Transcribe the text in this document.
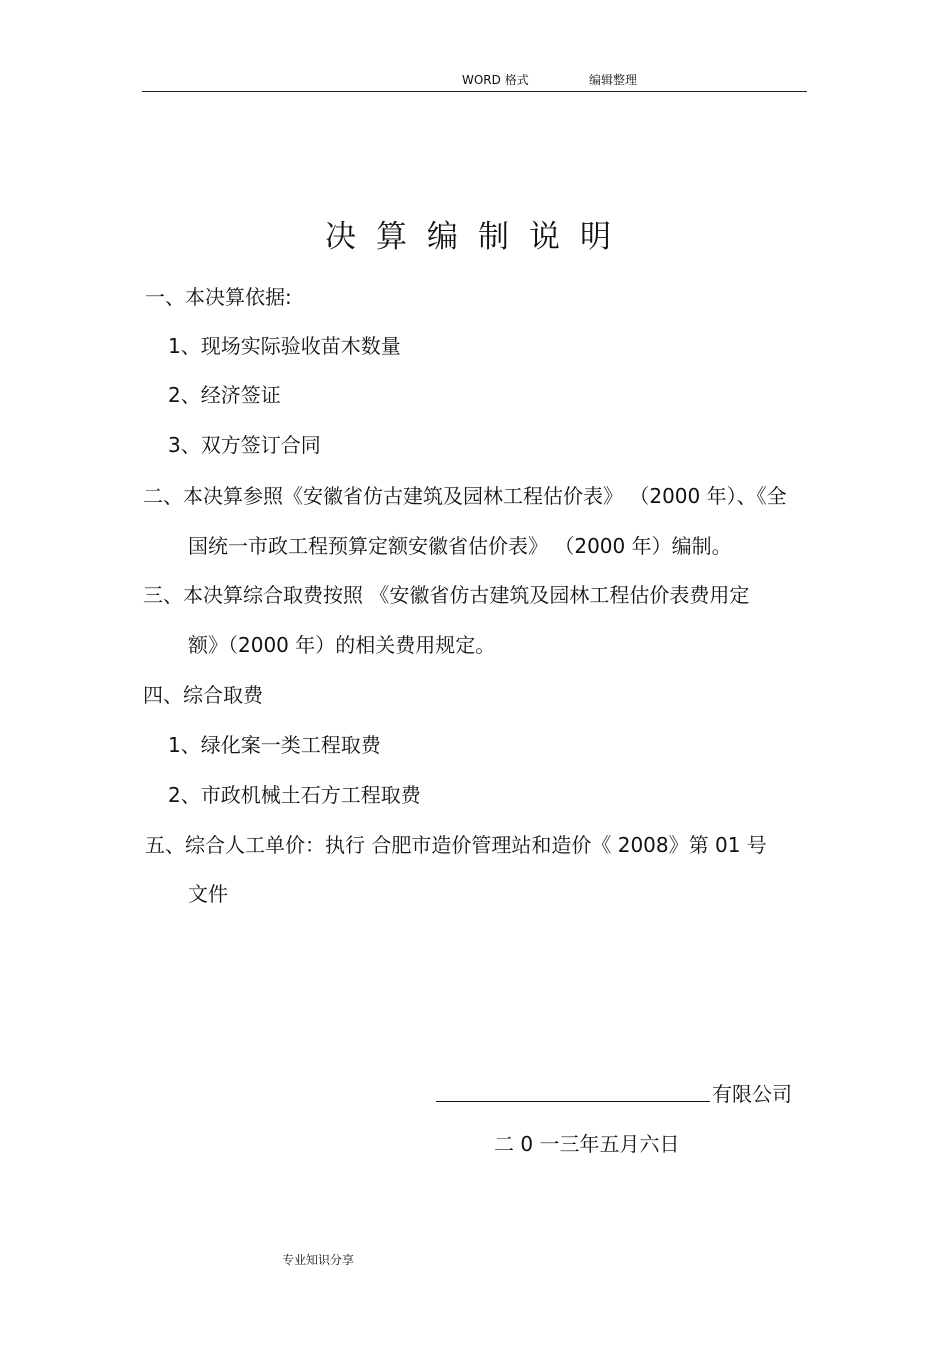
WORD 格式	编辑整理
决算编制说明
一、本决算依据:
1、现场实际验收苗木数量
2、经济签证
3、双方签订合同
二、本决算参照《安徽省仿古建筑及园林工程估价表》 （2000 年）、《全
国统一市政工程预算定额安徽省估价表》 （2000 年）编制。
三、本决算综合取费按照 《安徽省仿古建筑及园林工程估价表费用定
额》（2000 年）的相关费用规定。
四、综合取费
1、绿化案一类工程取费
2、市政机械土石方工程取费
五、综合人工单价：执行 合肥市造价管理站和造价《 2008》第 01 号
文件
有限公司
二 0 一三年五月六日
专业知识分享
